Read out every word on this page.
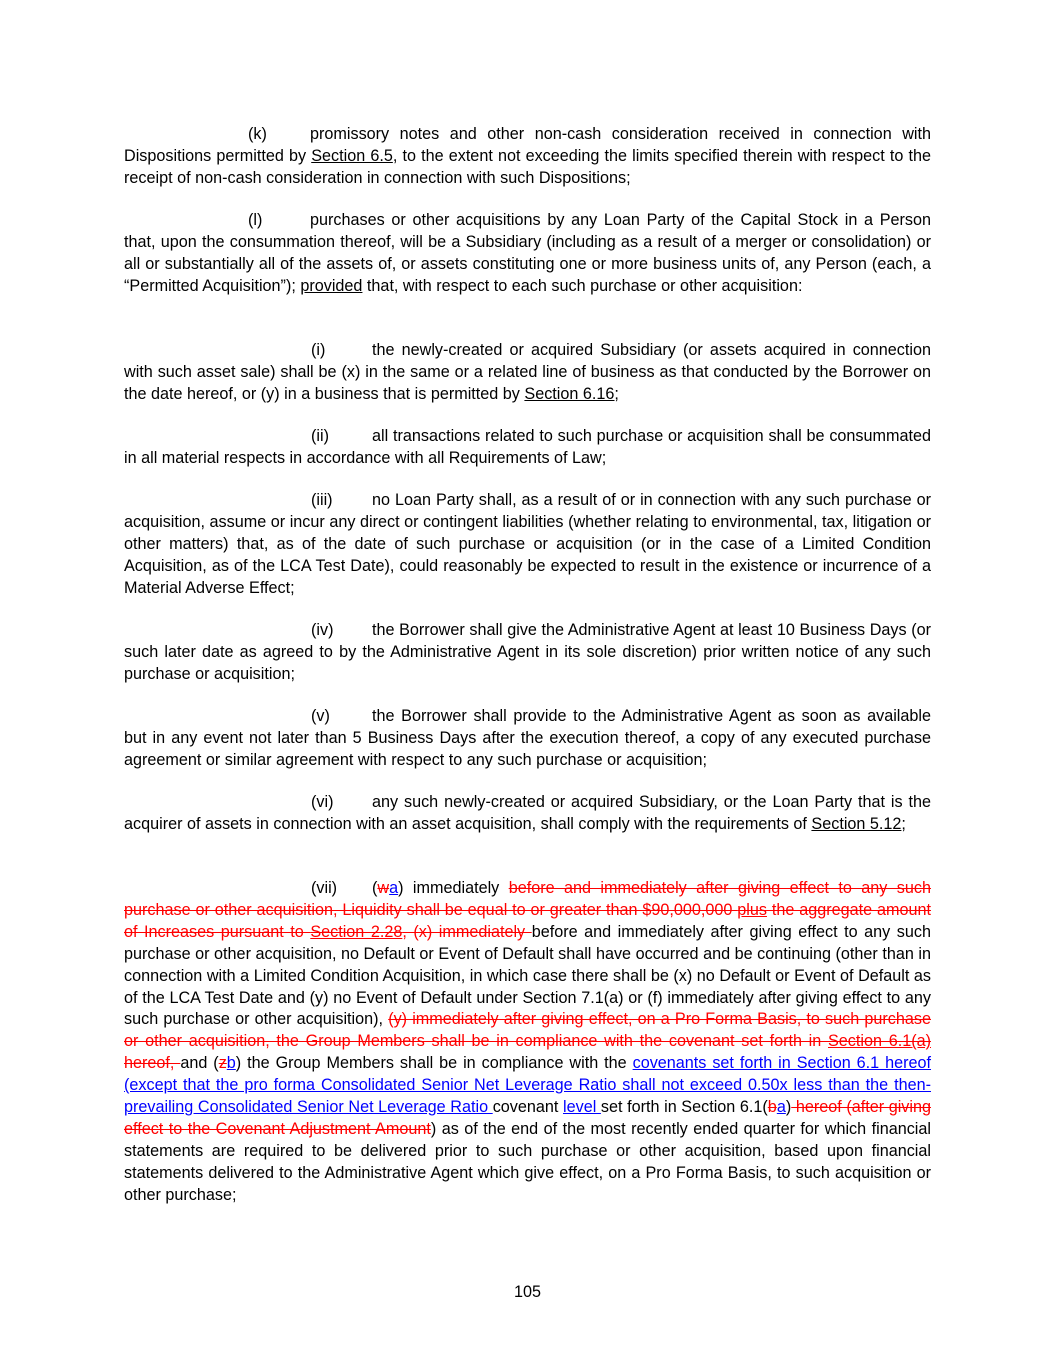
(k)	promissory notes and other non-cash consideration received in connection with Dispositions permitted by Section 6.5, to the extent not exceeding the limits specified therein with respect to the receipt of non-cash consideration in connection with such Dispositions;
(l)	purchases or other acquisitions by any Loan Party of the Capital Stock in a Person that, upon the consummation thereof, will be a Subsidiary (including as a result of a merger or consolidation) or all or substantially all of the assets of, or assets constituting one or more business units of, any Person (each, a “Permitted Acquisition”); provided that, with respect to each such purchase or other acquisition:
(i)	the newly-created or acquired Subsidiary (or assets acquired in connection with such asset sale) shall be (x) in the same or a related line of business as that conducted by the Borrower on the date hereof, or (y) in a business that is permitted by Section 6.16;
(ii)	all transactions related to such purchase or acquisition shall be consummated in all material respects in accordance with all Requirements of Law;
(iii) no Loan Party shall, as a result of or in connection with any such purchase or acquisition, assume or incur any direct or contingent liabilities (whether relating to environmental, tax, litigation or other matters) that, as of the date of such purchase or acquisition (or in the case of a Limited Condition Acquisition, as of the LCA Test Date), could reasonably be expected to result in the existence or incurrence of a Material Adverse Effect;
(iv) the Borrower shall give the Administrative Agent at least 10 Business Days (or such later date as agreed to by the Administrative Agent in its sole discretion) prior written notice of any such purchase or acquisition;
(v)	the Borrower shall provide to the Administrative Agent as soon as available but in any event not later than 5 Business Days after the execution thereof, a copy of any executed purchase agreement or similar agreement with respect to any such purchase or acquisition;
(vi) any such newly-created or acquired Subsidiary, or the Loan Party that is the acquirer of assets in connection with an asset acquisition, shall comply with the requirements of Section 5.12;
(vii) (wa) immediately before and immediately after giving effect to any such purchase or other acquisition, Liquidity shall be equal to or greater than $90,000,000 plus the aggregate amount of Increases pursuant to Section 2.28, (x) immediately before and immediately after giving effect to any such purchase or other acquisition, no Default or Event of Default shall have occurred and be continuing (other than in connection with a Limited Condition Acquisition, in which case there shall be (x) no Default or Event of Default as of the LCA Test Date and (y) no Event of Default under Section 7.1(a) or (f) immediately after giving effect to any such purchase or other acquisition), (y) immediately after giving effect, on a Pro Forma Basis, to such purchase or other acquisition, the Group Members shall be in compliance with the covenant set forth in Section 6.1(a) hereof, and (zb) the Group Members shall be in compliance with the covenants set forth in Section 6.1 hereof (except that the pro forma Consolidated Senior Net Leverage Ratio shall not exceed 0.50x less than the then-prevailing Consolidated Senior Net Leverage Ratio covenant level set forth in Section 6.1(ba) hereof (after giving effect to the Covenant Adjustment Amount) as of the end of the most recently ended quarter for which financial statements are required to be delivered prior to such purchase or other acquisition, based upon financial statements delivered to the Administrative Agent which give effect, on a Pro Forma Basis, to such acquisition or other purchase;
105
